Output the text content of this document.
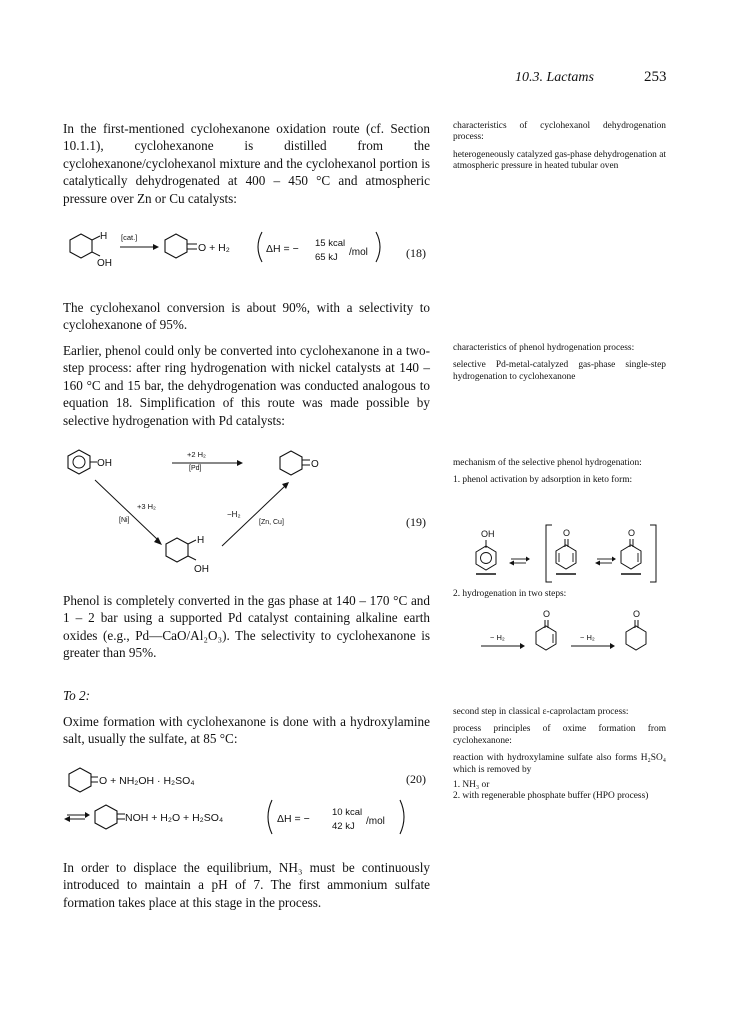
10.3. Lactams	253
In the first-mentioned cyclohexanone oxidation route (cf. Section 10.1.1), cyclohexanone is distilled from the cyclohexanone/cyclohexanol mixture and the cyclohexanol portion is catalytically dehydrogenated at 400 – 450 °C and atmospheric pressure over Zn or Cu catalysts:
The cyclohexanol conversion is about 90%, with a selectivity to cyclohexanone of 95%.
Earlier, phenol could only be converted into cyclohexanone in a two-step process: after ring hydrogenation with nickel catalysts at 140 – 160 °C and 15 bar, the dehydrogenation was conducted analogous to equation 18. Simplification of this route was made possible by selective hydrogenation with Pd catalysts:
Phenol is completely converted in the gas phase at 140 – 170 °C and 1 – 2 bar using a supported Pd catalyst containing alkaline earth oxides (e.g., Pd—CaO/Al₂O₃). The selectivity to cyclohexanone is greater than 95%.
To 2:
Oxime formation with cyclohexanone is done with a hydroxylamine salt, usually the sulfate, at 85 °C:
In order to displace the equilibrium, NH₃ must be continuously introduced to maintain a pH of 7. The first ammonium sulfate formation takes place at this stage in the process.
H
OH
[cat.]
O + H₂	ΔH = − 15 kcal
65 kJ /mol	(18)
OH
+2 H₂
[Pd]	O
+3 H₂
[Ni]
−H₂
[Zn, Cu]
H
OH
(19)
O + NH₂OH · H₂SO₄	(20)
NOH + H₂O + H₂SO₄	ΔH = −
10 kcal
42 kJ /mol
OH	O	O
− H₂
O
− H₂
O

characteristics of cyclohexanol dehydrogenation process:

heterogeneously catalyzed gas-phase dehydrogenation at atmospheric pressure in heated tubular oven

characteristics of phenol hydrogenation process:

selective Pd-metal-catalyzed gas-phase single-step hydrogenation to cyclohexanone

mechanism of the selective phenol hydrogenation:

1. phenol activation by adsorption in keto form:

2. hydrogenation in two steps:

second step in classical ε-caprolactam process:

process principles of oxime formation from cyclohexanone:

reaction with hydroxylamine sulfate also forms H₂SO₄ which is removed by

1. NH₃ or

2. with regenerable phosphate buffer (HPO process)
